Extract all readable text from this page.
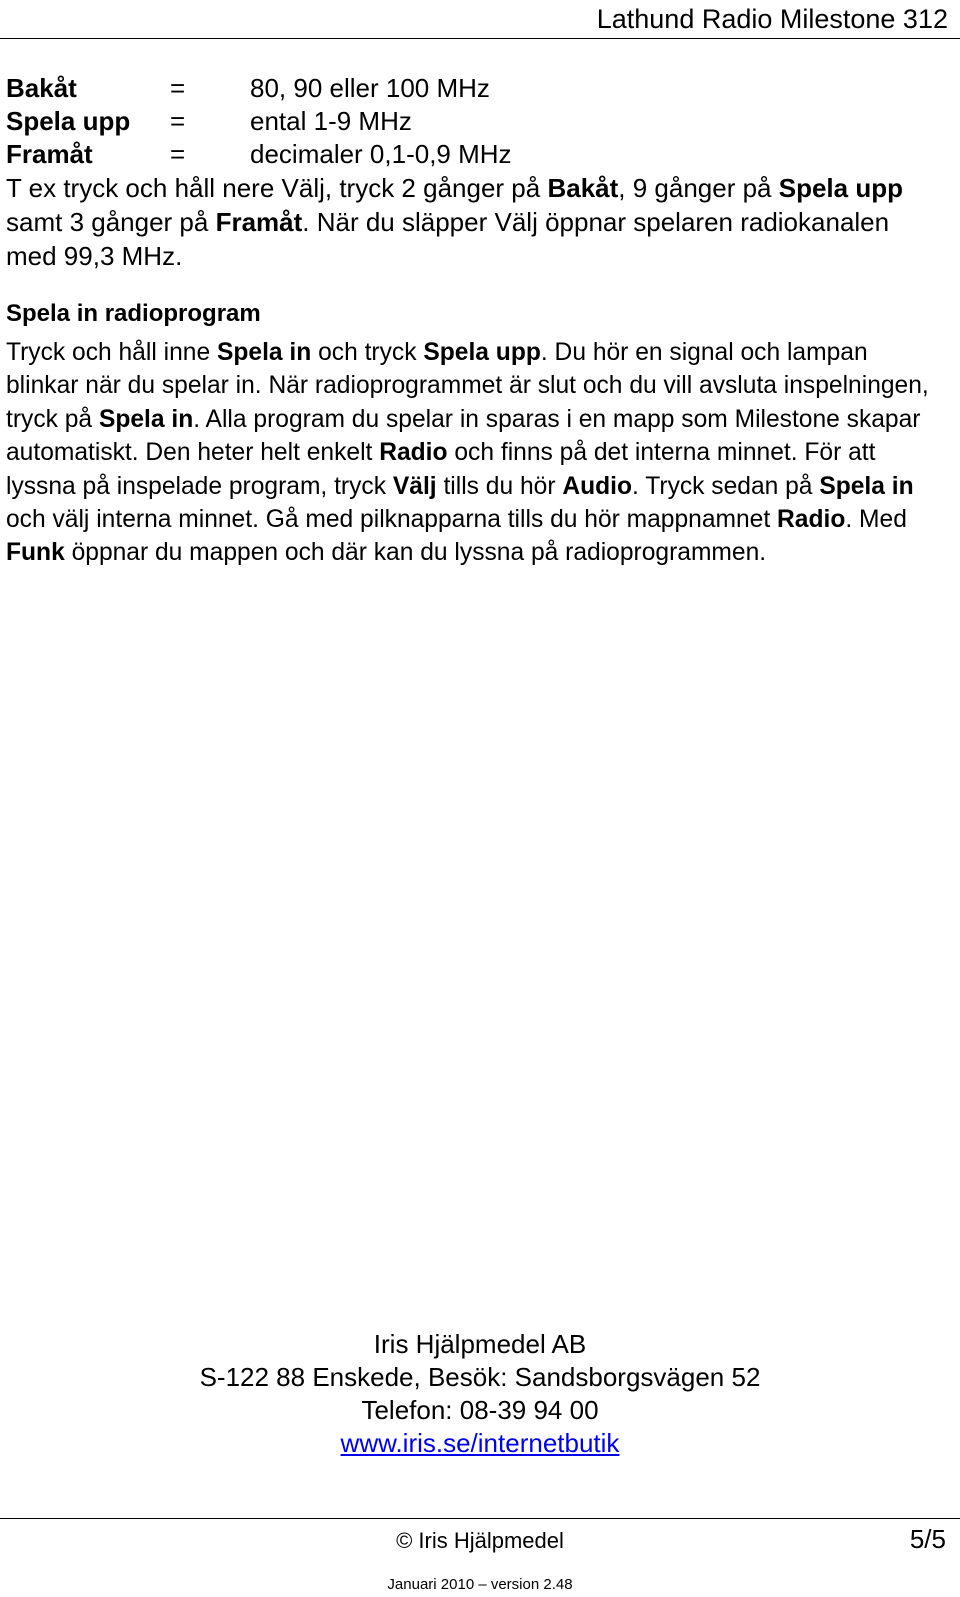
Lathund Radio Milestone 312
Bakåt	= 80, 90 eller 100 MHz
Spela upp = ental 1-9 MHz
Framåt	= decimaler 0,1-0,9 MHz

T ex tryck och håll nere Välj, tryck 2 gånger på Bakåt, 9 gånger på Spela upp samt 3 gånger på Framåt. När du släpper Välj öppnar spelaren radiokanalen med 99,3 MHz.

Spela in radioprogram

Tryck och håll inne Spela in och tryck Spela upp. Du hör en signal och lampan blinkar när du spelar in. När radioprogrammet är slut och du vill avsluta inspelningen, tryck på Spela in. Alla program du spelar in sparas i en mapp som Milestone skapar automatiskt. Den heter helt enkelt Radio och finns på det interna minnet. För att lyssna på inspelade program, tryck Välj tills du hör Audio. Tryck sedan på Spela in och välj interna minnet. Gå med pilknapparna tills du hör mappnamnet Radio. Med Funk öppnar du mappen och där kan du lyssna på radioprogrammen.

Iris Hjälpmedel AB
S-122 88 Enskede, Besök: Sandsborgsvägen 52
Telefon: 08-39 94 00
www.iris.se/internetbutik
© Iris Hjälpmedel	5/5
Januari 2010 – version 2.48
